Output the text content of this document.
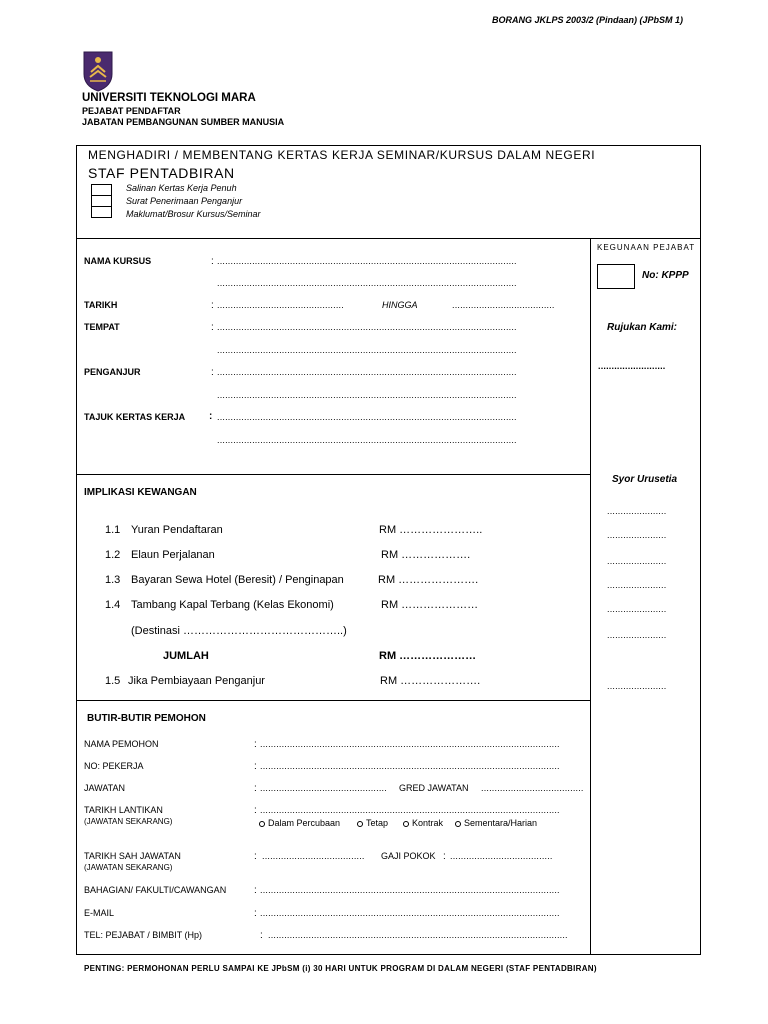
BORANG JKLPS 2003/2 (Pindaan) (JPbSM 1)
UNIVERSITI TEKNOLOGI MARA
PEJABAT PENDAFTAR
JABATAN PEMBANGUNAN SUMBER MANUSIA
MENGHADIRI / MEMBENTANG KERTAS KERJA SEMINAR/KURSUS DALAM NEGERI
STAF PENTADBIRAN
Salinan Kertas Kerja Penuh
Surat Penerimaan Penganjur
Maklumat/Brosur Kursus/Seminar
NAMA KURSUS	: ...............................................................................................................
...............................................................................................................
TARIKH	: ...............................................	HINGGA	......................................
TEMPAT	: ...............................................................................................................
...............................................................................................................
PENGANJUR	: ...............................................................................................................
...............................................................................................................
TAJUK KERTAS KERJA : ...............................................................................................................
...............................................................................................................
KEGUNAAN PEJABAT
No: KPPP
Rujukan Kami:
.........................
Syor Urusetia
......................
......................
......................
......................
......................
......................
......................
IMPLIKASI KEWANGAN
1.1 Yuran Pendaftaran	RM …………………..
1.2 Elaun Perjalanan	RM ……………….
1.3 Bayaran Sewa Hotel (Beresit) / Penginapan	RM ………………….
1.4 Tambang Kapal Terbang (Kelas Ekonomi)	RM …………………
(Destinasi ……………………………………..)
JUMLAH	RM …………………
1.5 Jika Pembiayaan Penganjur	RM ………………….
BUTIR-BUTIR PEMOHON
NAMA PEMOHON	: ...............................................................................................................
NO: PEKERJA	: ...............................................................................................................
JAWATAN	: ...............................................	GRED JAWATAN ......................................
TARIKH LANTIKAN
(JAWATAN SEKARANG)
: ...............................................................................................................
Dalam Percubaan	Tetap	Kontrak	Sementara/Harian
TARIKH SAH JAWATAN
(JAWATAN SEKARANG)
: ...................................... GAJI POKOK : ......................................
BAHAGIAN/ FAKULTI/CAWANGAN	: ...............................................................................................................
E-MAIL	: ...............................................................................................................
TEL: PEJABAT / BIMBIT (Hp)	: ...............................................................................................................
PENTING: PERMOHONAN PERLU SAMPAI KE JPbSM (i) 30 HARI UNTUK PROGRAM DI DALAM NEGERI (STAF PENTADBIRAN)
